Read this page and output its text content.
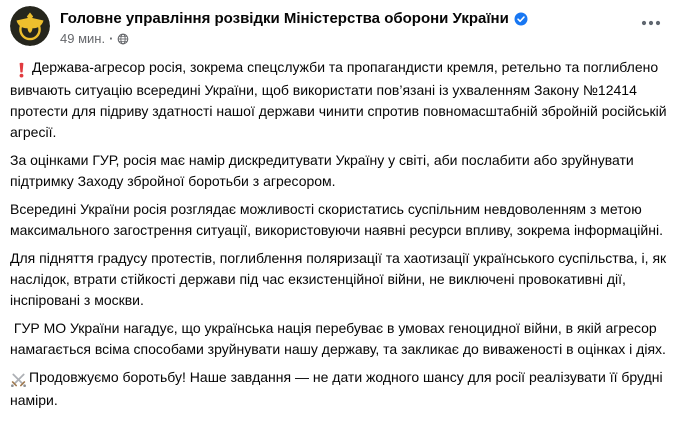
Головне управління розвідки Міністерства оборони України
49 мин. ·

Держава-агресор росія, зокрема спецслужби та пропагандисти кремля, ретельно та поглиблено вивчають ситуацію всередині України, щоб використати пов’язані із ухваленням Закону №12414 протести для підриву здатності нашої держави чинити спротив повномасштабній збройній російській агресії.

За оцінками ГУР, росія має намір дискредитувати Україну у світі, аби послабити або зруйнувати підтримку Заходу збройної боротьби з агресором.

Всередині України росія розглядає можливості скористатись суспільним невдоволенням з метою максимального загострення ситуації, використовуючи наявні ресурси впливу, зокрема інформаційні.

Для підняття градусу протестів, поглиблення поляризації та хаотизації українського суспільства, і, як наслідок, втрати стійкості держави під час екзистенційної війни, не виключені провокативні дії, інспіровані з москви.

ГУР МО України нагадує, що українська нація перебуває в умовах геноцидної війни, в якій агресор намагається всіма способами зруйнувати нашу державу, та закликає до виваженості в оцінках і діях.

Продовжуємо боротьбу! Наше завдання — не дати жодного шансу для росії реалізувати її брудні наміри.
